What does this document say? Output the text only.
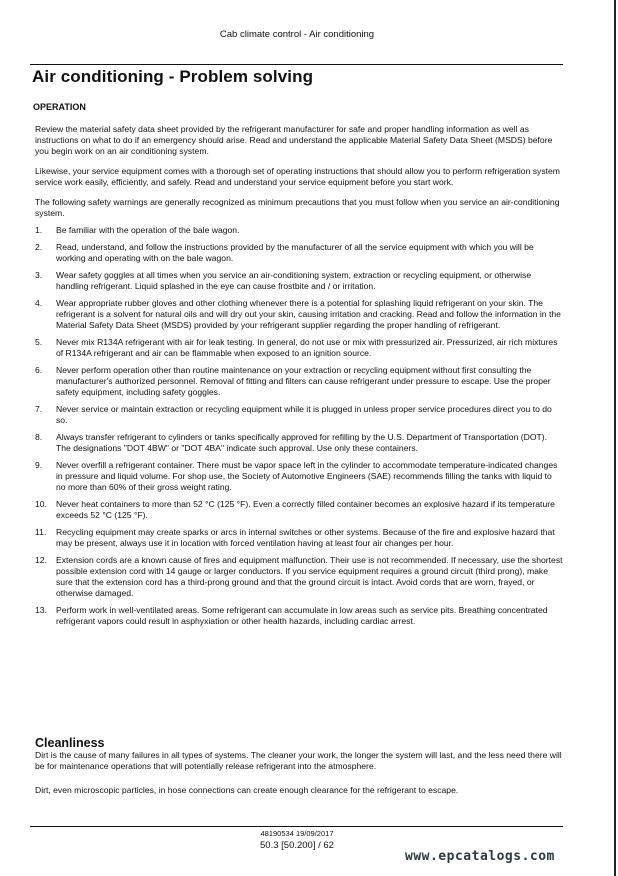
Cab climate control - Air conditioning
Air conditioning - Problem solving
OPERATION

Review the material safety data sheet provided by the refrigerant manufacturer for safe and proper handling information as well as instructions on what to do if an emergency should arise. Read and understand the applicable Material Safety Data Sheet (MSDS) before you begin work on an air conditioning system.

Likewise, your service equipment comes with a thorough set of operating instructions that should allow you to perform refrigeration system service work easily, efficiently, and safely. Read and understand your service equipment before you start work.

The following safety warnings are generally recognized as minimum precautions that you must follow when you service an air-conditioning system.

1.	Be familiar with the operation of the bale wagon.
2.	Read, understand, and follow the instructions provided by the manufacturer of all the service equipment with which you will be working and operating with on the bale wagon.
3.	Wear safety goggles at all times when you service an air-conditioning system, extraction or recycling equipment, or otherwise handling refrigerant. Liquid splashed in the eye can cause frostbite and / or irritation.
4.	Wear appropriate rubber gloves and other clothing whenever there is a potential for splashing liquid refrigerant on your skin. The refrigerant is a solvent for natural oils and will dry out your skin, causing irritation and cracking. Read and follow the information in the Material Safety Data Sheet (MSDS) provided by your refrigerant supplier regarding the proper handling of refrigerant.
5.	Never mix R134A refrigerant with air for leak testing. In general, do not use or mix with pressurized air. Pressurized, air rich mixtures of R134A refrigerant and air can be flammable when exposed to an ignition source.
6.	Never perform operation other than routine maintenance on your extraction or recycling equipment without first consulting the manufacturer's authorized personnel. Removal of fitting and filters can cause refrigerant under pressure to escape. Use the proper safety equipment, including safety goggles.
7.	Never service or maintain extraction or recycling equipment while it is plugged in unless proper service procedures direct you to do so.
8.	Always transfer refrigerant to cylinders or tanks specifically approved for refilling by the U.S. Department of Transportation (DOT). The designations "DOT 4BW" or "DOT 4BA" indicate such approval. Use only these containers.
9.	Never overfill a refrigerant container. There must be vapor space left in the cylinder to accommodate temperature-indicated changes in pressure and liquid volume. For shop use, the Society of Automotive Engineers (SAE) recommends filling the tanks with liquid to no more than 60% of their gross weight rating.
10.	Never heat containers to more than 52 °C (125 °F). Even a correctly filled container becomes an explosive hazard if its temperature exceeds 52 °C (125 °F).
11.	Recycling equipment may create sparks or arcs in internal switches or other systems. Because of the fire and explosive hazard that may be present, always use it in location with forced ventilation having at least four air changes per hour.
12.	Extension cords are a known cause of fires and equipment malfunction. Their use is not recommended. If necessary, use the shortest possible extension cord with 14 gauge or larger conductors. If you service equipment requires a ground circuit (third prong), make sure that the extension cord has a third-prong ground and that the ground circuit is intact. Avoid cords that are worn, frayed, or otherwise damaged.
13.	Perform work in well-ventilated areas. Some refrigerant can accumulate in low areas such as service pits. Breathing concentrated refrigerant vapors could result in asphyxiation or other health hazards, including cardiac arrest.
Cleanliness

Dirt is the cause of many failures in all types of systems. The cleaner your work, the longer the system will last, and the less need there will be for maintenance operations that will potentially release refrigerant into the atmosphere.

Dirt, even microscopic particles, in hose connections can create enough clearance for the refrigerant to escape.

48190534 19/09/2017
50.3 [50.200] / 62
www.epcatalogs.com
